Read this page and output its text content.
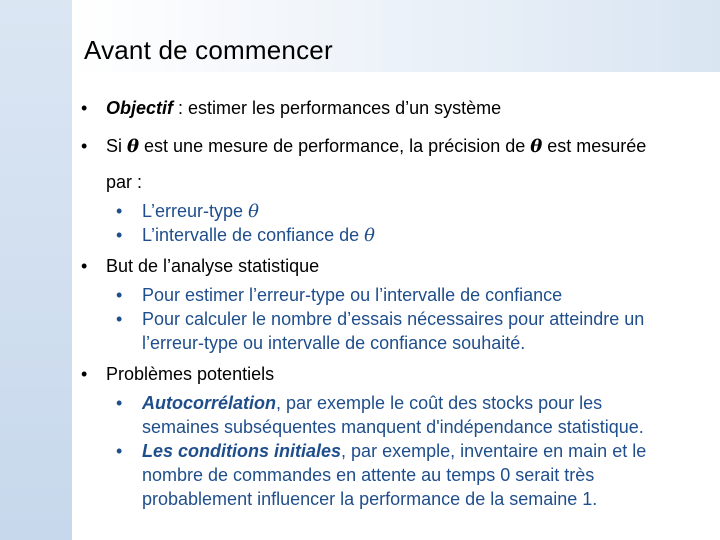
Avant de commencer
• Objectif : estimer les performances d’un système
• Si θ est une mesure de performance, la précision de θ est mesurée
par :
• L’erreur-type θ
• L’intervalle de confiance de θ
• But de l’analyse statistique
• Pour estimer l’erreur-type ou l’intervalle de confiance
• Pour calculer le nombre d’essais nécessaires pour atteindre un
l’erreur-type ou intervalle de confiance souhaité.
• Problèmes potentiels
• Autocorrélation, par exemple le coût des stocks pour les
semaines subséquentes manquent d'indépendance statistique.
• Les conditions initiales, par exemple, inventaire en main et le
nombre de commandes en attente au temps 0 serait très
probablement influencer la performance de la semaine 1.
